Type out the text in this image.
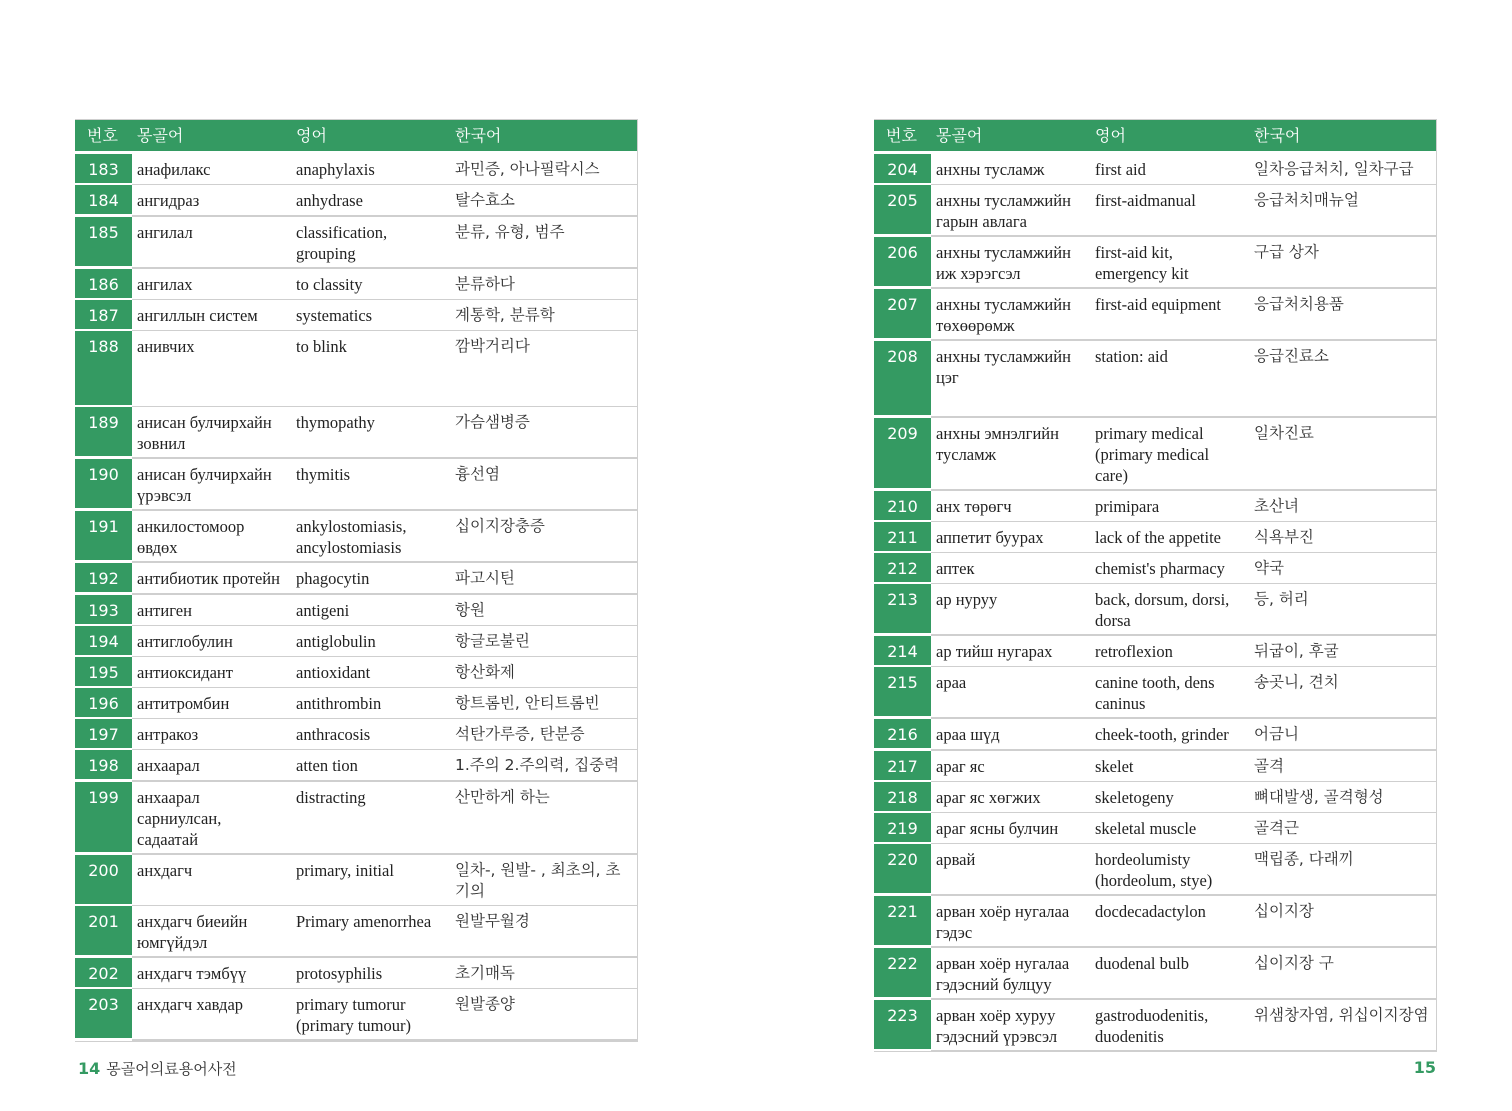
번호	몽골어	영어	한국어
183	анафилакс	anaphylaxis	과민증, 아나필락시스
184	ангидраз	anhydrase	탈수효소
185	ангилал	classification, grouping	분류, 유형, 범주
186	ангилах	to classity	분류하다
187	ангиллын систем	systematics	계통학, 분류학
188	анивчих	to blink	깜박거리다
189	анисан булчирхайн зовнил	thymopathy	가슴샘병증
190	анисан булчирхайн үрэвсэл	thymitis	흉선염
191	анкилостомоор өвдөх	ankylostomiasis, ancylostomiasis	십이지장충증
192	антибиотик протейн	phagocytin	파고시틴
193	антиген	antigeni	항원
194	антиглобулин	antiglobulin	항글로불린
195	антиоксидант	antioxidant	항산화제
196	антитромбин	antithrombin	항트롬빈, 안티트롬빈
197	антракоз	anthracosis	석탄가루증, 탄분증
198	анхаарал	atten tion	1.주의 2.주의력, 집중력
199	анхаарал сарниулсан, садаатай	distracting	산만하게 하는
200	анхдагч	primary, initial	일차-, 원발- , 최초의, 초기의
201	анхдагч биеийн юмгүйдэл	Primary amenorrhea	원발무월경
202	анхдагч тэмбүү	protosyphilis	초기매독
203	анхдагч хавдар	primary tumorur (primary tumour)	원발종양
번호	몽골어	영어	한국어
204	анхны тусламж	first aid	일차응급처치, 일차구급
205	анхны тусламжийн гарын авлага	first-aidmanual	응급처치매뉴얼
206	анхны тусламжийн иж хэрэгсэл	first-aid kit, emergency kit	구급 상자
207	анхны тусламжийн төхөөрөмж	first-aid equipment	응급처치용품
208	анхны тусламжийн цэг	station: aid	응급진료소
209	анхны эмнэлгийн тусламж	primary medical (primary medical care)	일차진료
210	анх төрөгч	primipara	초산녀
211	аппетит буурах	lack of the appetite	식욕부진
212	аптек	chemist's pharmacy	약국
213	ар нуруу	back, dorsum, dorsi, dorsa	등, 허리
214	ар тийш нугарах	retroflexion	뒤굽이, 후굴
215	араа	canine tooth, dens caninus	송곳니, 견치
216	араа шүд	cheek-tooth, grinder	어금니
217	араг яс	skelet	골격
218	араг яс хөгжих	skeletogeny	뼈대발생, 골격형성
219	араг ясны булчин	skeletal muscle	골격근
220	арвай	hordeolumisty (hordeolum, stye)	맥립종, 다래끼
221	арван хоёр нугалаа гэдэс	docdecadactylon	십이지장
222	арван хоёр нугалаа гэдэсний булцуу	duodenal bulb	십이지장 구
223	арван хоёр хуруу гэдэсний үрэвсэл	gastroduodenitis, duodenitis	위샘창자염, 위십이지장염
14 몽골어의료용어사전	15
